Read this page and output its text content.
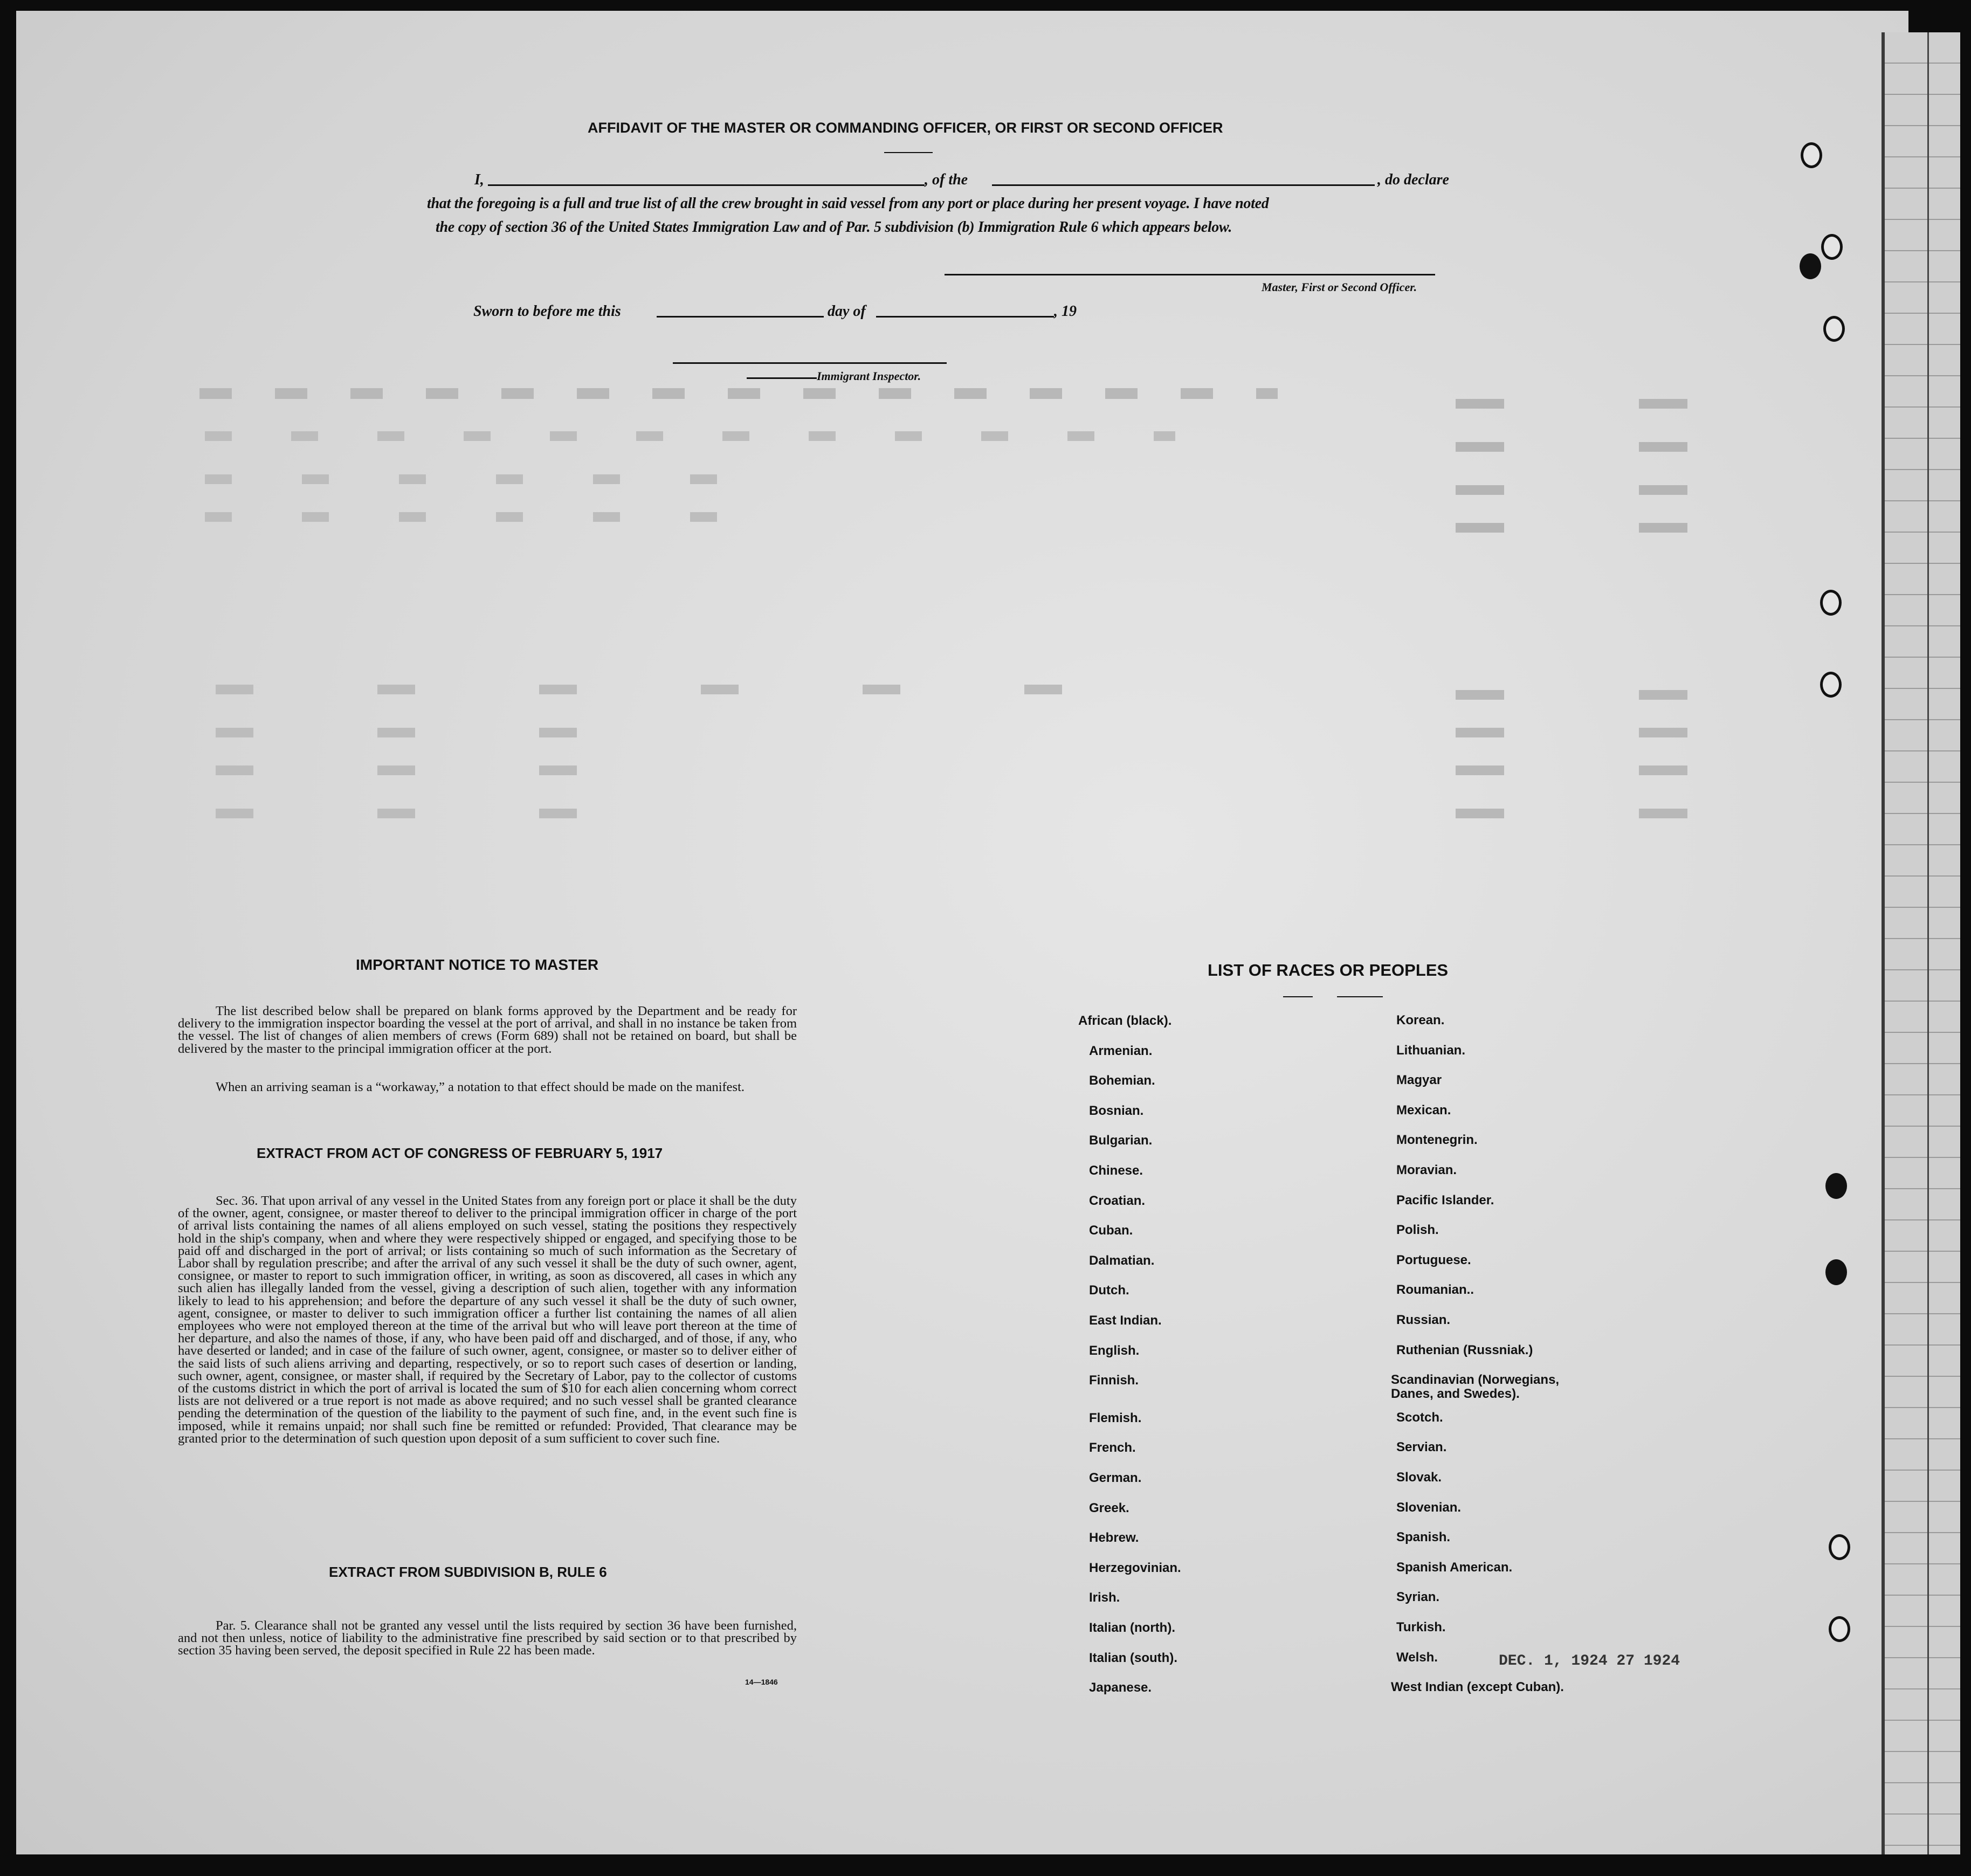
AFFIDAVIT OF THE MASTER OR COMMANDING OFFICER, OR FIRST OR SECOND OFFICER
I,	, of the	, do declare
that the foregoing is a full and true list of all the crew brought in said vessel from any port or place during her present voyage. I have noted
the copy of section 36 of the United States Immigration Law and of Par. 5 subdivision (b) Immigration Rule 6 which appears below.
Master, First or Second Officer.
Sworn to before me this	day of	, 19
Immigrant Inspector.
IMPORTANT NOTICE TO MASTER
The list described below shall be prepared on blank forms approved by the Department and be ready for delivery to the immigration inspector boarding the vessel at the port of arrival, and shall in no instance be taken from the vessel. The list of changes of alien members of crews (Form 689) shall not be retained on board, but shall be delivered by the master to the principal immigration officer at the port.
When an arriving seaman is a “workaway,” a notation to that effect should be made on the manifest.
EXTRACT FROM ACT OF CONGRESS OF FEBRUARY 5, 1917
Sec. 36. That upon arrival of any vessel in the United States from any foreign port or place it shall be the duty of the owner, agent, consignee, or master thereof to deliver to the principal immigration officer in charge of the port of arrival lists containing the names of all aliens employed on such vessel, stating the positions they respectively hold in the ship's company, when and where they were respectively shipped or engaged, and specifying those to be paid off and discharged in the port of arrival; or lists containing so much of such information as the Secretary of Labor shall by regulation prescribe; and after the arrival of any such vessel it shall be the duty of such owner, agent, consignee, or master to report to such immigration officer, in writing, as soon as discovered, all cases in which any such alien has illegally landed from the vessel, giving a description of such alien, together with any information likely to lead to his apprehension; and before the departure of any such vessel it shall be the duty of such owner, agent, consignee, or master to deliver to such immigration officer a further list containing the names of all alien employees who were not employed thereon at the time of the arrival but who will leave port thereon at the time of her departure, and also the names of those, if any, who have been paid off and discharged, and of those, if any, who have deserted or landed; and in case of the failure of such owner, agent, consignee, or master so to deliver either of the said lists of such aliens arriving and departing, respectively, or so to report such cases of desertion or landing, such owner, agent, consignee, or master shall, if required by the Secretary of Labor, pay to the collector of customs of the customs district in which the port of arrival is located the sum of $10 for each alien concerning whom correct lists are not delivered or a true report is not made as above required; and no such vessel shall be granted clearance pending the determination of the question of the liability to the payment of such fine, and, in the event such fine is imposed, while it remains unpaid; nor shall such fine be remitted or refunded: Provided, That clearance may be granted prior to the determination of such question upon deposit of a sum sufficient to cover such fine.
EXTRACT FROM SUBDIVISION B, RULE 6
Par. 5. Clearance shall not be granted any vessel until the lists required by section 36 have been furnished, and not then unless, notice of liability to the administrative fine prescribed by said section or to that prescribed by section 35 having been served, the deposit specified in Rule 22 has been made.
14—1846
LIST OF RACES OR PEOPLES
African (black).
Armenian.
Bohemian.
Bosnian.
Bulgarian.
Chinese.
Croatian.
Cuban.
Dalmatian.
Dutch.
East Indian.
English.
Finnish.
Flemish.
French.
German.
Greek.
Hebrew.
Herzegovinian.
Irish.
Italian (north).
Italian (south).
Japanese.
Korean.
Lithuanian.
Magyar
Mexican.
Montenegrin.
Moravian.
Pacific Islander.
Polish.
Portuguese.
Roumanian..
Russian.
Ruthenian (Russniak.)
Scandinavian (Norwegians,
Danes, and Swedes).
Scotch.
Servian.
Slovak.
Slovenian.
Spanish.
Spanish American.
Syrian.
Turkish.
Welsh.
West Indian (except Cuban).
DEC. 1, 1924 27 1924
